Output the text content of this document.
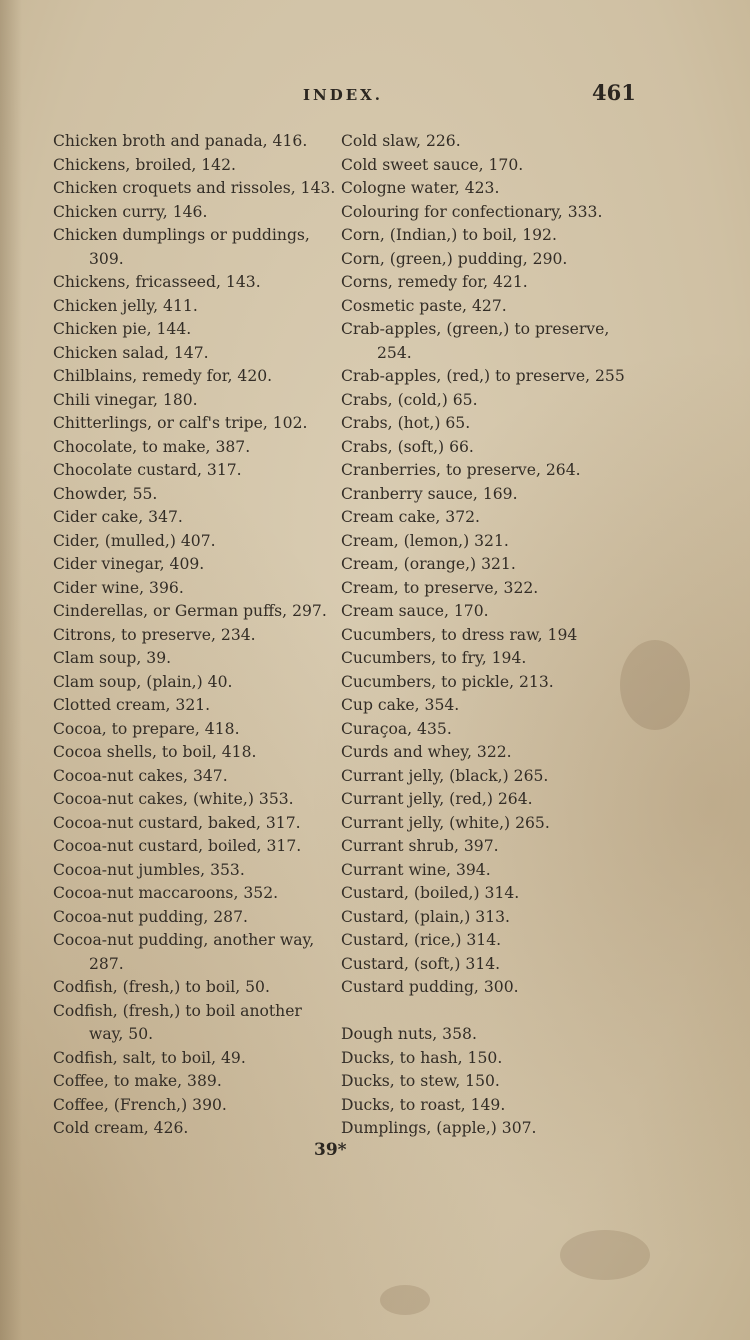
INDEX.	461
Chicken broth and panada, 416.
Chickens, broiled, 142.
Chicken croquets and rissoles, 143.
Chicken curry, 146.
Chicken dumplings or puddings,
309.
Chickens, fricasseed, 143.
Chicken jelly, 411.
Chicken pie, 144.
Chicken salad, 147.
Chilblains, remedy for, 420.
Chili vinegar, 180.
Chitterlings, or calf's tripe, 102.
Chocolate, to make, 387.
Chocolate custard, 317.
Chowder, 55.
Cider cake, 347.
Cider, (mulled,) 407.
Cider vinegar, 409.
Cider wine, 396.
Cinderellas, or German puffs, 297.
Citrons, to preserve, 234.
Clam soup, 39.
Clam soup, (plain,) 40.
Clotted cream, 321.
Cocoa, to prepare, 418.
Cocoa shells, to boil, 418.
Cocoa-nut cakes, 347.
Cocoa-nut cakes, (white,) 353.
Cocoa-nut custard, baked, 317.
Cocoa-nut custard, boiled, 317.
Cocoa-nut jumbles, 353.
Cocoa-nut maccaroons, 352.
Cocoa-nut pudding, 287.
Cocoa-nut pudding, another way,
287.
Codfish, (fresh,) to boil, 50.
Codfish, (fresh,) to boil another
way, 50.
Codfish, salt, to boil, 49.
Coffee, to make, 389.
Coffee, (French,) 390.
Cold cream, 426.
Cold slaw, 226.
Cold sweet sauce, 170.
Cologne water, 423.
Colouring for confectionary, 333.
Corn, (Indian,) to boil, 192.
Corn, (green,) pudding, 290.
Corns, remedy for, 421.
Cosmetic paste, 427.
Crab-apples, (green,) to preserve,
254.
Crab-apples, (red,) to preserve, 255
Crabs, (cold,) 65.
Crabs, (hot,) 65.
Crabs, (soft,) 66.
Cranberries, to preserve, 264.
Cranberry sauce, 169.
Cream cake, 372.
Cream, (lemon,) 321.
Cream, (orange,) 321.
Cream, to preserve, 322.
Cream sauce, 170.
Cucumbers, to dress raw, 194
Cucumbers, to fry, 194.
Cucumbers, to pickle, 213.
Cup cake, 354.
Curaçoa, 435.
Curds and whey, 322.
Currant jelly, (black,) 265.
Currant jelly, (red,) 264.
Currant jelly, (white,) 265.
Currant shrub, 397.
Currant wine, 394.
Custard, (boiled,) 314.
Custard, (plain,) 313.
Custard, (rice,) 314.
Custard, (soft,) 314.
Custard pudding, 300.
Dough nuts, 358.
Ducks, to hash, 150.
Ducks, to stew, 150.
Ducks, to roast, 149.
Dumplings, (apple,) 307.
39*
